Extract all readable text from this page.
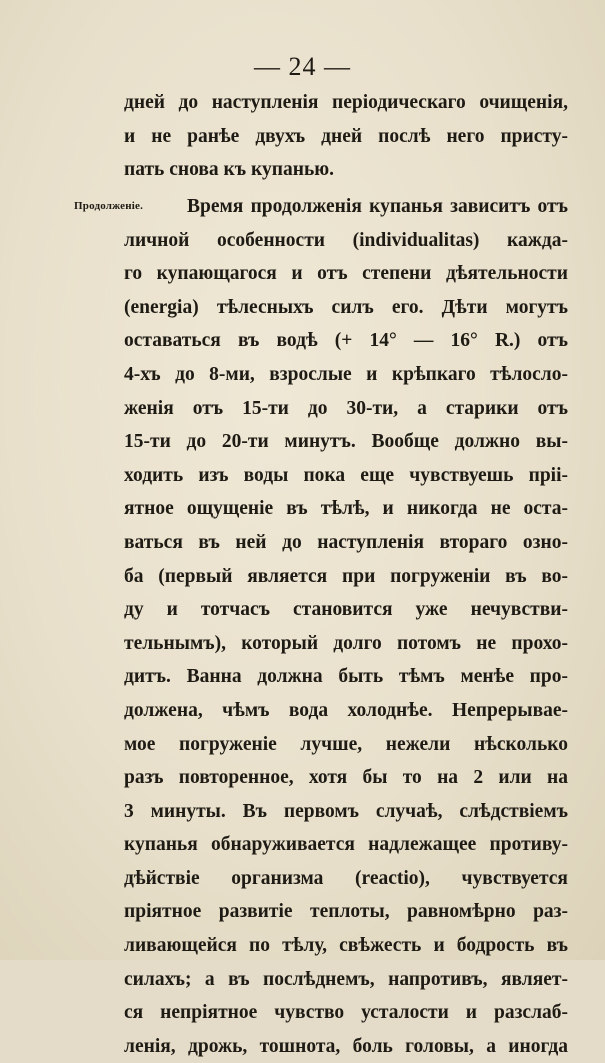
— 24 —
Продолженіе.
дней до наступленія періодическаго очищенія,
и не ранѣе двухъ дней послѣ него присту-
пать снова къ купанью.
Время продолженія купанья зависитъ отъ
личной особенности (individualitas) кажда-
го купающагося и отъ степени дѣятельности
(energia) тѣлесныхъ силъ его. Дѣти могутъ
оставаться въ водѣ (+ 14° — 16° R.) отъ
4-хъ до 8-ми, взрослые и крѣпкаго тѣлосло-
женія отъ 15-ти до 30-ти, а старики отъ
15-ти до 20-ти минутъ. Вообще должно вы-
ходить изъ воды пока еще чувствуешь пріі-
ятное ощущеніе въ тѣлѣ, и никогда не оста-
ваться въ ней до наступленія втораго озно-
ба (первый является при погруженіи въ во-
ду и тотчасъ становится уже нечувстви-
тельнымъ), который долго потомъ не прохо-
дитъ. Ванна должна быть тѣмъ менѣе про-
должена, чѣмъ вода холоднѣе. Непрерывае-
мое погруженіе лучше, нежели нѣсколько
разъ повторенное, хотя бы то на 2 или на
3 минуты. Въ первомъ случаѣ, слѣдствіемъ
купанья обнаруживается надлежащее противу-
дѣйствіе организма (reactio), чувствуется
пріятное развитіе теплоты, равномѣрно раз-
ливающейся по тѣлу, свѣжесть и бодрость въ
силахъ; а въ послѣднемъ, напротивъ, являет-
ся непріятное чувство усталости и разслаб-
ленія, дрожь, тошнота, боль головы, а иногда
